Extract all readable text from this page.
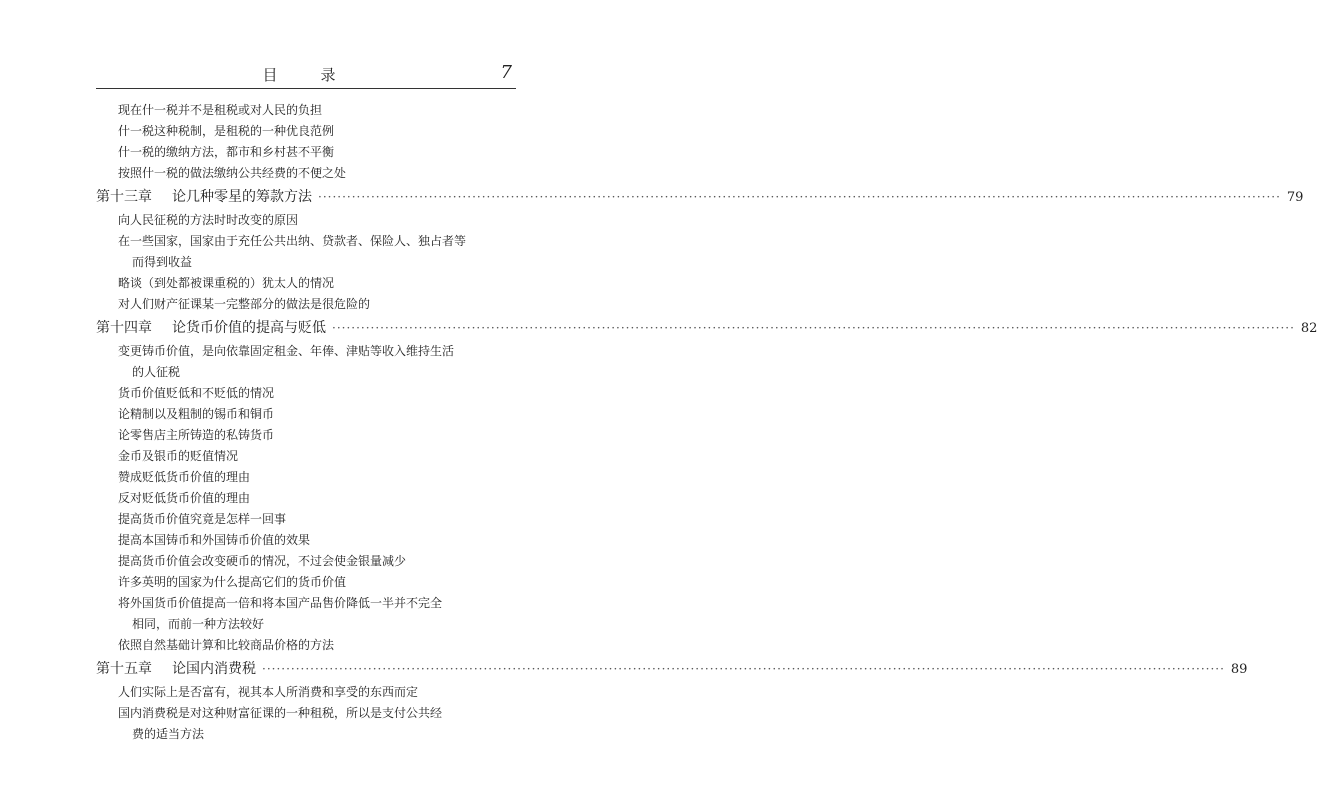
目　录	7
现在什一税并不是租税或对人民的负担
什一税这种税制，是租税的一种优良范例
什一税的缴纳方法，都市和乡村甚不平衡
按照什一税的做法缴纳公共经费的不便之处
第十三章 论几种零星的筹款方法 ········································································································································································································ 79
向人民征税的方法时时改变的原因
在一些国家，国家由于充任公共出纳、贷款者、保险人、独占者等
而得到收益
略谈（到处都被课重税的）犹太人的情况
对人们财产征课某一完整部分的做法是很危险的
第十四章 论货币价值的提高与贬低 ········································································································································································································ 82
变更铸币价值，是向依靠固定租金、年俸、津贴等收入维持生活
的人征税
货币价值贬低和不贬低的情况
论精制以及粗制的锡币和铜币
论零售店主所铸造的私铸货币
金币及银币的贬值情况
赞成贬低货币价值的理由
反对贬低货币价值的理由
提高货币价值究竟是怎样一回事
提高本国铸币和外国铸币价值的效果
提高货币价值会改变硬币的情况，不过会使金银量减少
许多英明的国家为什么提高它们的货币价值
将外国货币价值提高一倍和将本国产品售价降低一半并不完全
相同，而前一种方法较好
依照自然基础计算和比较商品价格的方法
第十五章 论国内消费税 ········································································································································································································ 89
人们实际上是否富有，视其本人所消费和享受的东西而定
国内消费税是对这种财富征课的一种租税，所以是支付公共经
费的适当方法
